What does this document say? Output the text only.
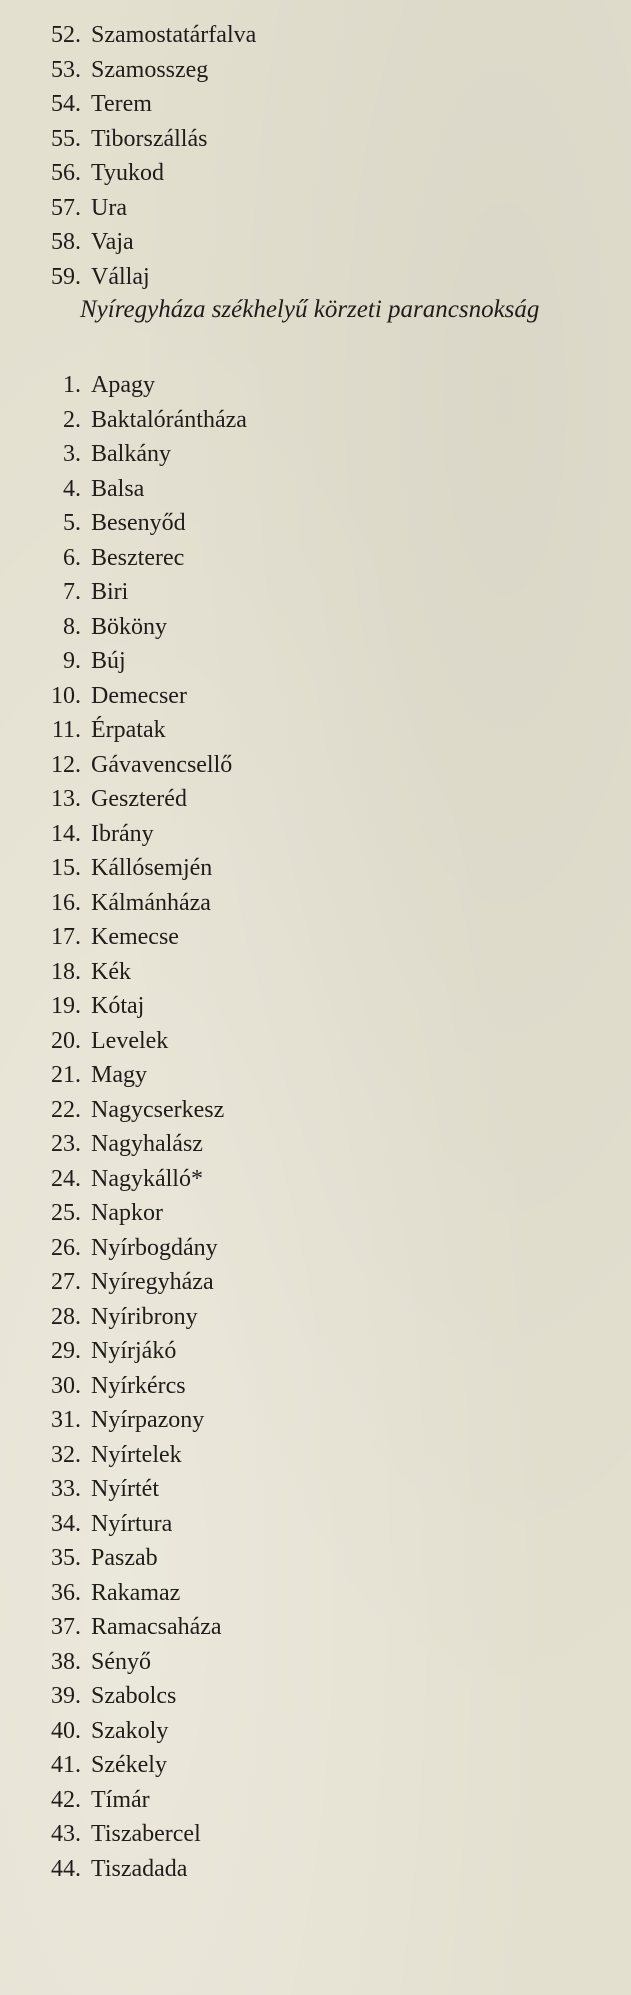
52. Szamostatárfalva
53. Szamosszeg
54. Terem
55. Tiborszállás
56. Tyukod
57. Ura
58. Vaja
59. Vállaj
Nyíregyháza székhelyű körzeti parancsnokság
1. Apagy
2. Baktalórántháza
3. Balkány
4. Balsa
5. Besenyőd
6. Beszterec
7. Biri
8. Bököny
9. Búj
10. Demecser
11. Érpatak
12. Gávavencsellő
13. Geszteréd
14. Ibrány
15. Kállósemjén
16. Kálmánháza
17. Kemecse
18. Kék
19. Kótaj
20. Levelek
21. Magy
22. Nagycserkesz
23. Nagyhalász
24. Nagykálló*
25. Napkor
26. Nyírbogdány
27. Nyíregyháza
28. Nyíribrony
29. Nyírjákó
30. Nyírkércs
31. Nyírpazony
32. Nyírtelek
33. Nyírtét
34. Nyírtura
35. Paszab
36. Rakamaz
37. Ramacsaháza
38. Sényő
39. Szabolcs
40. Szakoly
41. Székely
42. Tímár
43. Tiszabercel
44. Tiszadada
